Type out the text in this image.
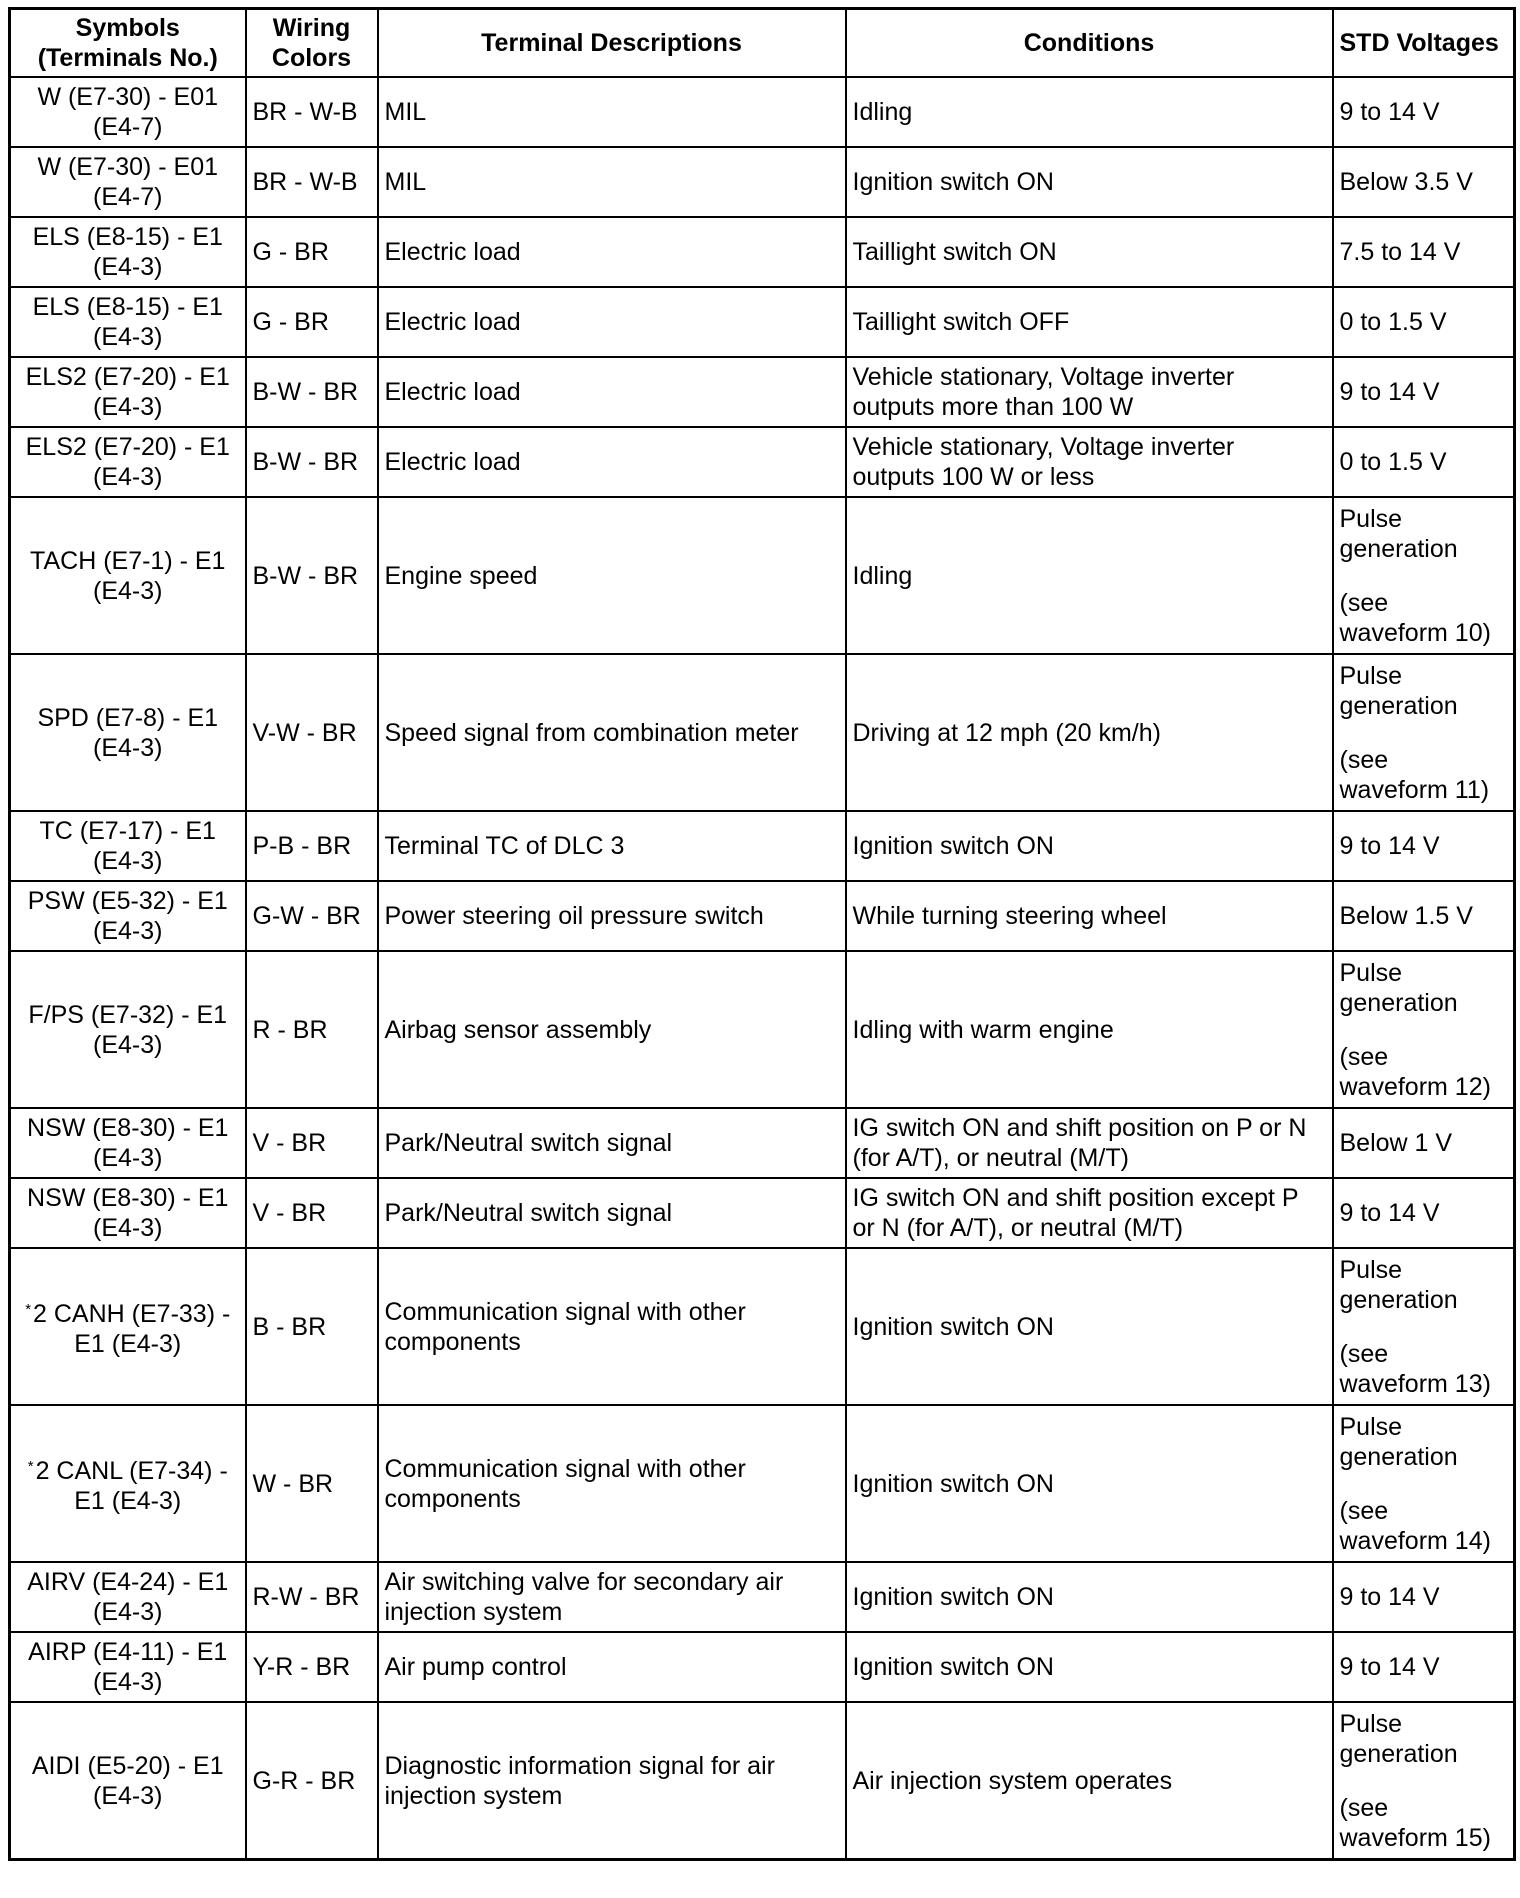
Symbols
(Terminals No.)	Wiring
Colors	Terminal Descriptions	Conditions	STD Voltages

W (E7-30) - E01
(E4-7)	BR - W-B	MIL	Idling	9 to 14 V

W (E7-30) - E01
(E4-7)	BR - W-B	MIL	Ignition switch ON	Below 3.5 V

ELS (E8-15) - E1
(E4-3)	G - BR	Electric load	Taillight switch ON	7.5 to 14 V

ELS (E8-15) - E1
(E4-3)	G - BR	Electric load	Taillight switch OFF	0 to 1.5 V

ELS2 (E7-20) - E1
(E4-3)	B-W - BR	Electric load	Vehicle stationary, Voltage inverter
outputs more than 100 W	9 to 14 V

ELS2 (E7-20) - E1
(E4-3)	B-W - BR	Electric load	Vehicle stationary, Voltage inverter
outputs 100 W or less	0 to 1.5 V

TACH (E7-1) - E1
(E4-3)	B-W - BR	Engine speed	Idling	Pulse
generation
(see
waveform 10)

SPD (E7-8) - E1
(E4-3)	V-W - BR	Speed signal from combination meter	Driving at 12 mph (20 km/h)	Pulse
generation
(see
waveform 11)

TC (E7-17) - E1
(E4-3)	P-B - BR	Terminal TC of DLC 3	Ignition switch ON	9 to 14 V

PSW (E5-32) - E1
(E4-3)	G-W - BR	Power steering oil pressure switch	While turning steering wheel	Below 1.5 V

F/PS (E7-32) - E1
(E4-3)	R - BR	Airbag sensor assembly	Idling with warm engine	Pulse
generation
(see
waveform 12)

NSW (E8-30) - E1
(E4-3)	V - BR	Park/Neutral switch signal	IG switch ON and shift position on P or N
(for A/T), or neutral (M/T)	Below 1 V

NSW (E8-30) - E1
(E4-3)	V - BR	Park/Neutral switch signal	IG switch ON and shift position except P
or N (for A/T), or neutral (M/T)	9 to 14 V

*2 CANH (E7-33) -
E1 (E4-3)	B - BR	Communication signal with other
components	Ignition switch ON	Pulse
generation
(see
waveform 13)

*2 CANL (E7-34) -
E1 (E4-3)	W - BR	Communication signal with other
components	Ignition switch ON	Pulse
generation
(see
waveform 14)

AIRV (E4-24) - E1
(E4-3)	R-W - BR	Air switching valve for secondary air
injection system	Ignition switch ON	9 to 14 V

AIRP (E4-11) - E1
(E4-3)	Y-R - BR	Air pump control	Ignition switch ON	9 to 14 V

AIDI (E5-20) - E1
(E4-3)	G-R - BR	Diagnostic information signal for air
injection system	Air injection system operates	Pulse
generation
(see
waveform 15)
